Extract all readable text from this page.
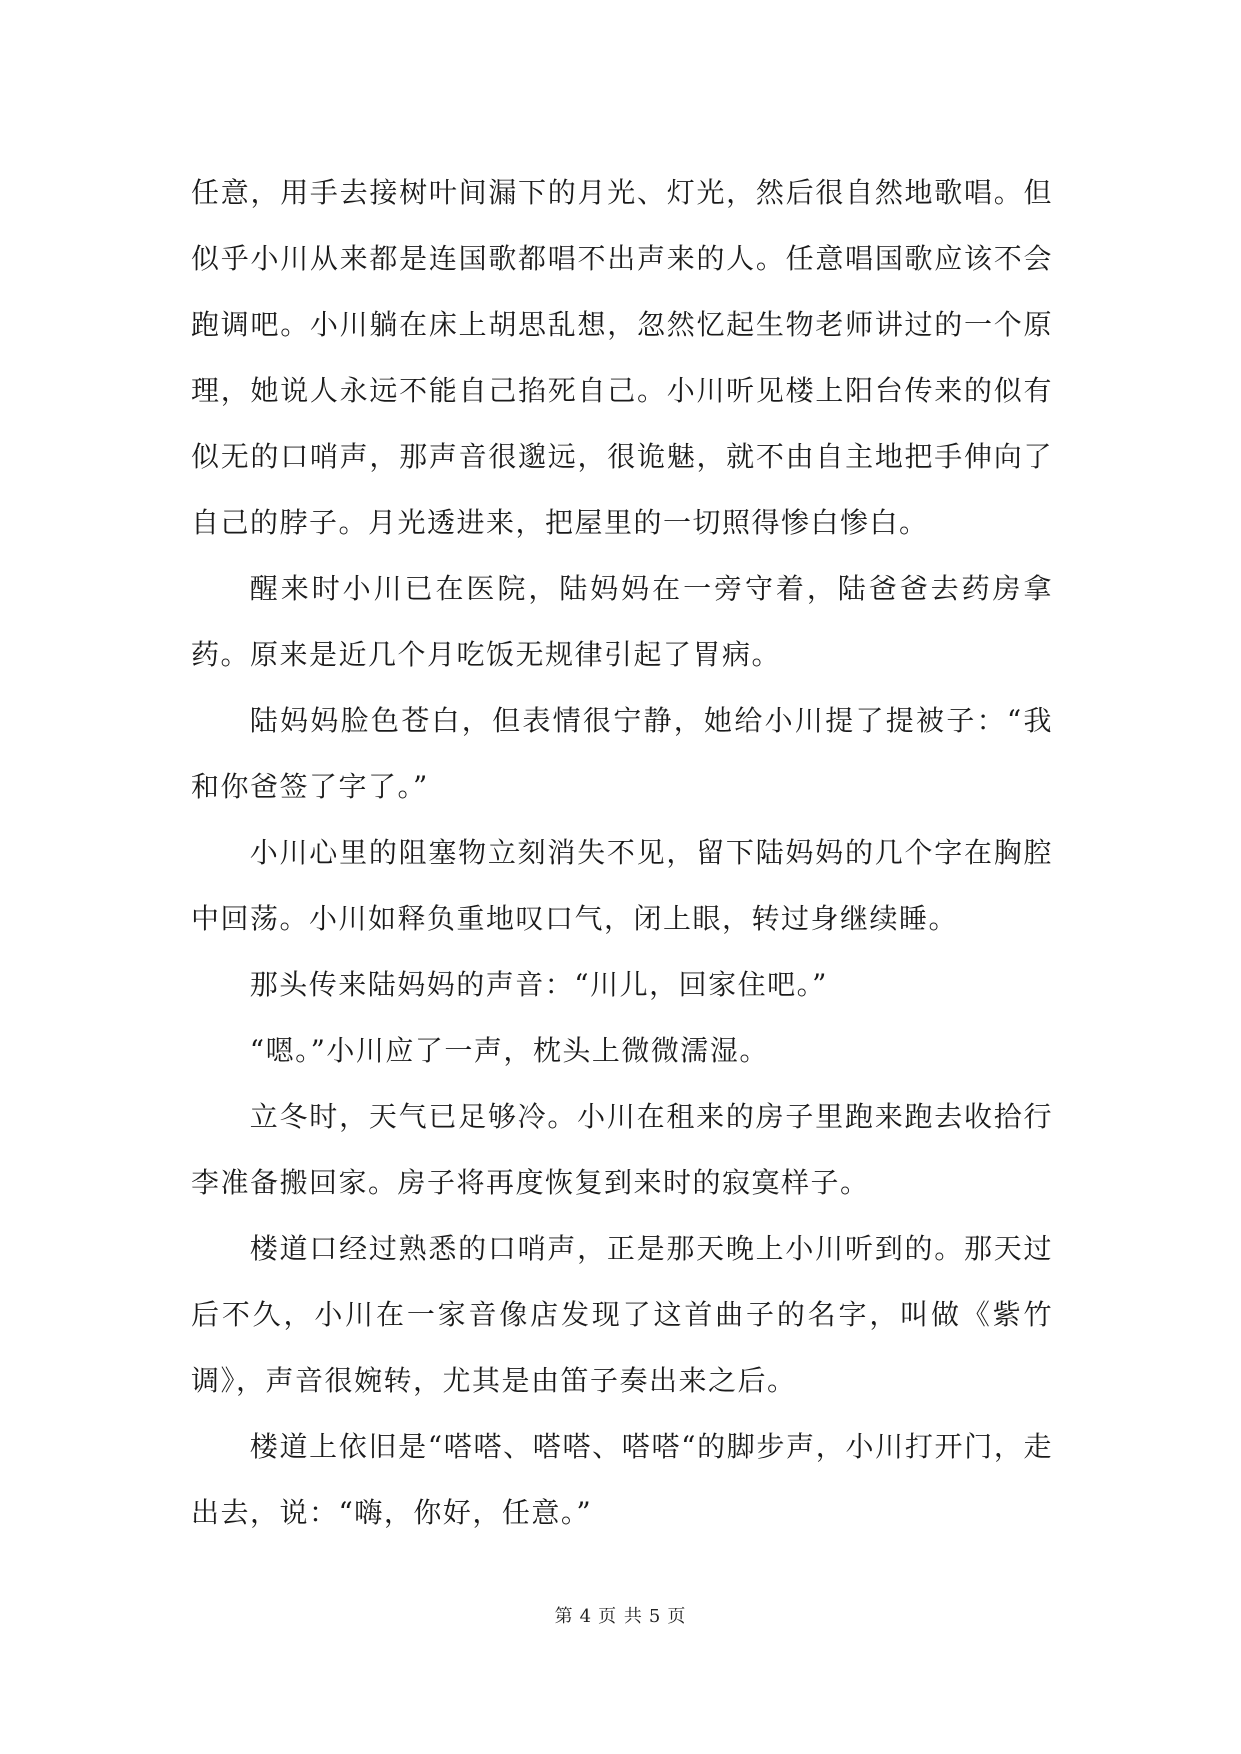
任意，用手去接树叶间漏下的月光、灯光，然后很自然地歌唱。但似乎小川从来都是连国歌都唱不出声来的人。任意唱国歌应该不会跑调吧。小川躺在床上胡思乱想，忽然忆起生物老师讲过的一个原理，她说人永远不能自己掐死自己。小川听见楼上阳台传来的似有似无的口哨声，那声音很邈远，很诡魅，就不由自主地把手伸向了自己的脖子。月光透进来，把屋里的一切照得惨白惨白。

醒来时小川已在医院，陆妈妈在一旁守着，陆爸爸去药房拿药。原来是近几个月吃饭无规律引起了胃病。

陆妈妈脸色苍白，但表情很宁静，她给小川提了提被子：“我和你爸签了字了。”

小川心里的阻塞物立刻消失不见，留下陆妈妈的几个字在胸腔中回荡。小川如释负重地叹口气，闭上眼，转过身继续睡。

那头传来陆妈妈的声音：“川儿，回家住吧。”

“嗯。”小川应了一声，枕头上微微濡湿。

立冬时，天气已足够冷。小川在租来的房子里跑来跑去收拾行李准备搬回家。房子将再度恢复到来时的寂寞样子。

楼道口经过熟悉的口哨声，正是那天晚上小川听到的。那天过后不久，小川在一家音像店发现了这首曲子的名字，叫做《紫竹调》，声音很婉转，尤其是由笛子奏出来之后。

楼道上依旧是“嗒嗒、嗒嗒、嗒嗒“的脚步声，小川打开门，走出去，说：“嗨，你好，任意。”

第 4 页 共 5 页
